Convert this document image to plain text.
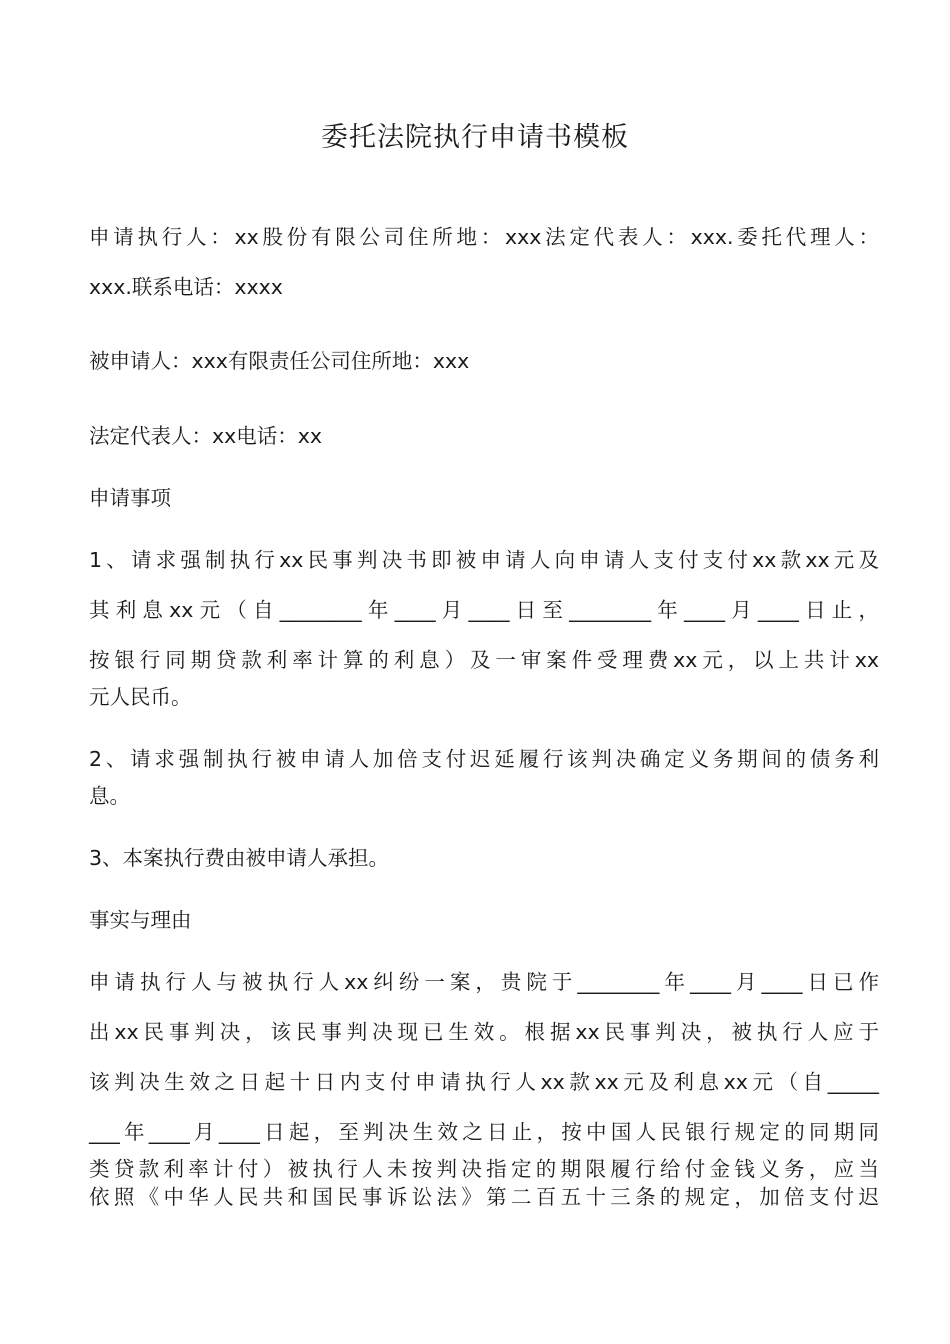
委托法院执行申请书模板
申请执行人：xx股份有限公司住所地：xxx法定代表人：xxx.委托代理人：
xxx.联系电话：xxxx
被申请人：xxx有限责任公司住所地：xxx
法定代表人：xx电话：xx
申请事项
1、请求强制执行xx民事判决书即被申请人向申请人支付支付xx款xx元及
其利息xx元（自________年____月____日至________年____月____日止，
按银行同期贷款利率计算的利息）及一审案件受理费xx元，以上共计xx
元人民币。
2、请求强制执行被申请人加倍支付迟延履行该判决确定义务期间的债务利
息。
3、本案执行费由被申请人承担。
事实与理由
申请执行人与被执行人xx纠纷一案，贵院于________年____月____日已作
出xx民事判决，该民事判决现已生效。根据xx民事判决，被执行人应于
该判决生效之日起十日内支付申请执行人xx款xx元及利息xx元（自_____
___年____月____日起，至判决生效之日止，按中国人民银行规定的同期同
类贷款利率计付）被执行人未按判决指定的期限履行给付金钱义务，应当
依照《中华人民共和国民事诉讼法》第二百五十三条的规定，加倍支付迟
